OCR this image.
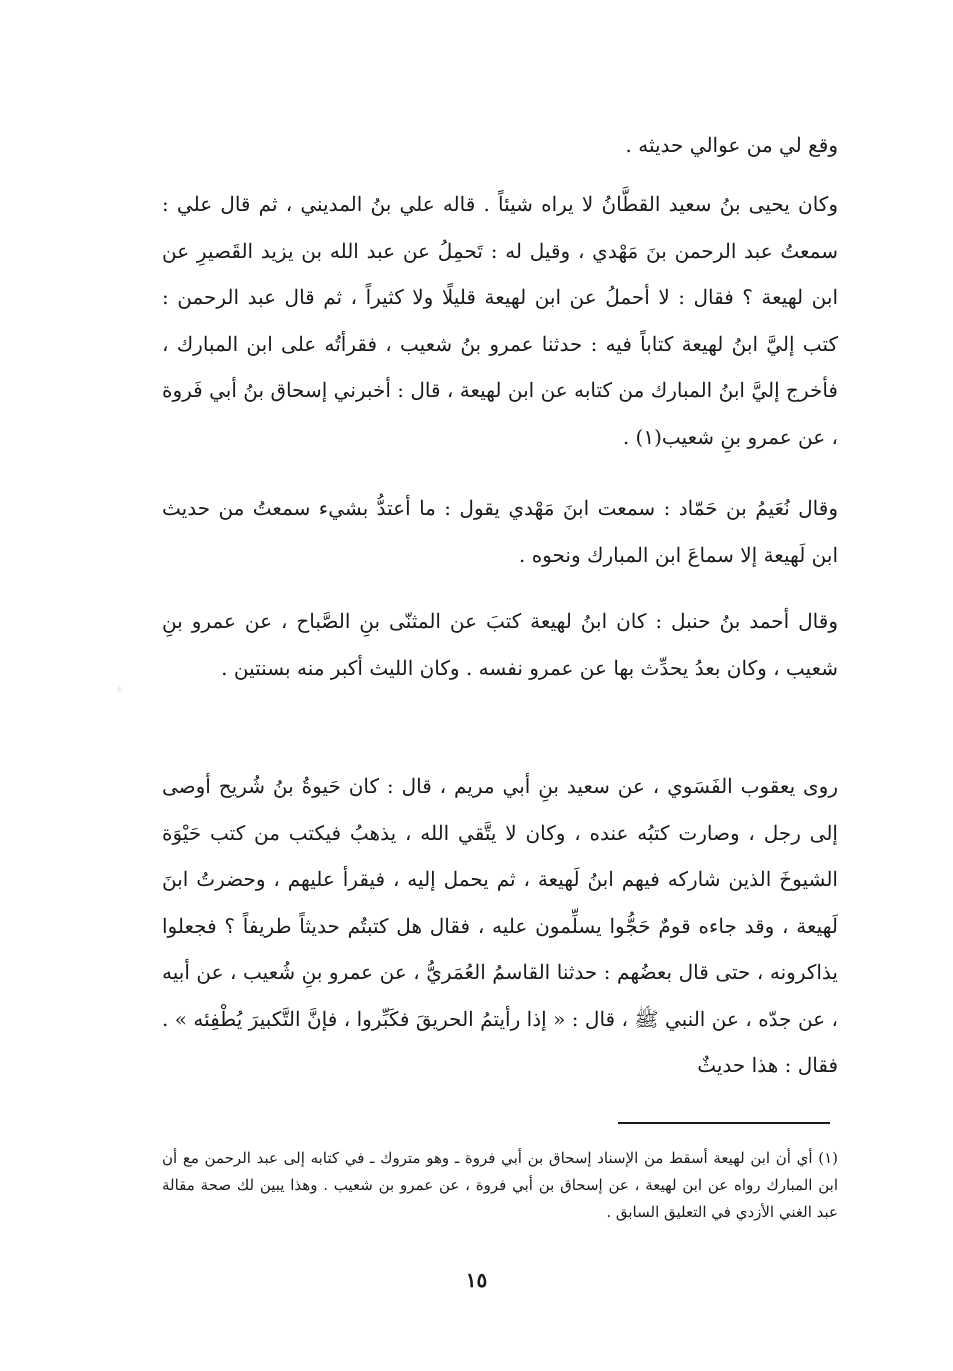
وقع لي من عوالي حديثه .

وكان يحيى بنُ سعيد القطَّانُ لا يراه شيئاً . قاله علي بنُ المديني ، ثم قال علي : سمعتُ عبد الرحمن بنَ مَهْدي ، وقيل له : تَحمِلُ عن عبد الله بن يزيد القَصيرِ عن ابن لهيعة ؟ فقال : لا أحملُ عن ابن لهيعة قليلًا ولا كثيراً ، ثم قال عبد الرحمن : كتب إليَّ ابنُ لهيعة كتاباً فيه : حدثنا عمرو بنُ شعيب ، فقرأتُه على ابن المبارك ، فأخرج إليَّ ابنُ المبارك من كتابه عن ابن لهيعة ، قال : أخبرني إسحاق بنُ أبي فَروة ، عن عمرو بنِ شعيب(١) .

وقال نُعَيمُ بن حَمّاد : سمعت ابنَ مَهْدي يقول : ما أعتدُّ بشيء سمعتُ من حديث ابن لَهيعة إلا سماعَ ابن المبارك ونحوه .

وقال أحمد بنُ حنبل : كان ابنُ لهيعة كتبَ عن المثنّى بنِ الصَّباح ، عن عمرو بنِ شعيب ، وكان بعدُ يحدِّث بها عن عمرو نفسه . وكان الليث أكبر منه بسنتين .

روى يعقوب الفَسَوي ، عن سعيد بنِ أبي مريم ، قال : كان حَيوةُ بنُ شُريح أوصى إلى رجل ، وصارت كتبُه عنده ، وكان لا يتَّقي الله ، يذهبُ فيكتب من كتب حَيْوَة الشيوخَ الذين شاركه فيهم ابنُ لَهيعة ، ثم يحمل إليه ، فيقرأ عليهم ، وحضرتُ ابنَ لَهيعة ، وقد جاءه قومٌ حَجُّوا يسلِّمون عليه ، فقال هل كتبتُم حديثاً طريفاً ؟ فجعلوا يذاكرونه ، حتى قال بعضُهم : حدثنا القاسمُ العُمَريُّ ، عن عمرو بنِ شُعيب ، عن أبيه ، عن جدّه ، عن النبي ﷺ ، قال : « إذا رأيتمُ الحريقَ فكَبِّروا ، فإنَّ التَّكبيرَ يُطْفِئه » . فقال : هذا حديثٌ

(١) أي أن ابن لهيعة أسقط من الإسناد إسحاق بن أبي فروة ـ وهو متروك ـ في كتابه إلى عبد الرحمن مع أن ابن المبارك رواه عن ابن لهيعة ، عن إسحاق بن أبي فروة ، عن عمرو بن شعيب . وهذا يبين لك صحة مقالة عبد الغني الأزدي في التعليق السابق .

١٥
⁘
